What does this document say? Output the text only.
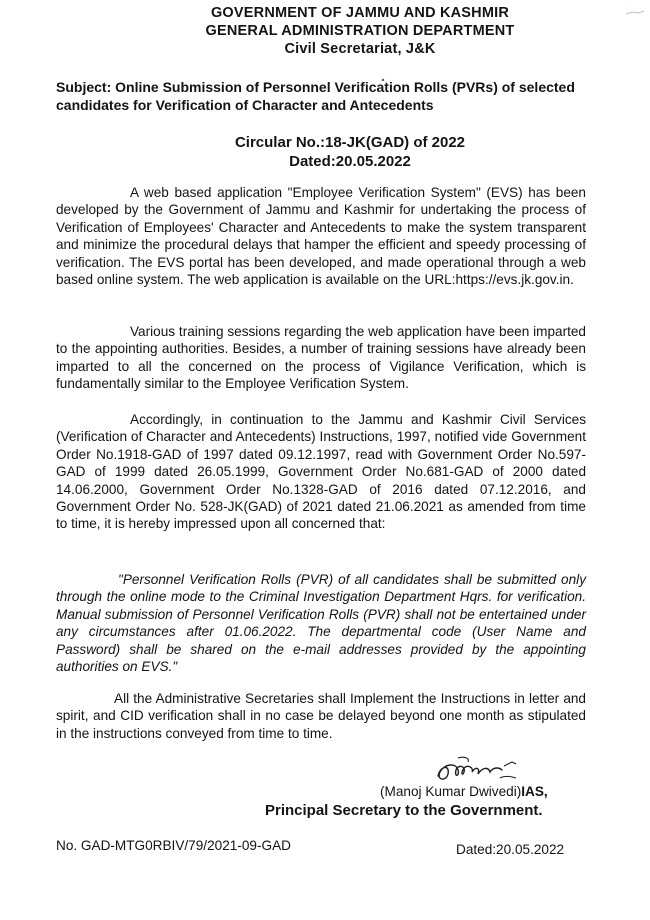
GOVERNMENT OF JAMMU AND KASHMIR
GENERAL ADMINISTRATION DEPARTMENT
Civil Secretariat, J&K
Subject: Online Submission of Personnel Verification Rolls (PVRs) of selected candidates for Verification of Character and Antecedents
Circular No.:18-JK(GAD) of 2022
Dated:20.05.2022
A web based application "Employee Verification System" (EVS) has been developed by the Government of Jammu and Kashmir for undertaking the process of Verification of Employees' Character and Antecedents to make the system transparent and minimize the procedural delays that hamper the efficient and speedy processing of verification. The EVS portal has been developed, and made operational through a web based online system. The web application is available on the URL:https://evs.jk.gov.in.
Various training sessions regarding the web application have been imparted to the appointing authorities. Besides, a number of training sessions have already been imparted to all the concerned on the process of Vigilance Verification, which is fundamentally similar to the Employee Verification System.
Accordingly, in continuation to the Jammu and Kashmir Civil Services (Verification of Character and Antecedents) Instructions, 1997, notified vide Government Order No.1918-GAD of 1997 dated 09.12.1997, read with Government Order No.597-GAD of 1999 dated 26.05.1999, Government Order No.681-GAD of 2000 dated 14.06.2000, Government Order No.1328-GAD of 2016 dated 07.12.2016, and Government Order No. 528-JK(GAD) of 2021 dated 21.06.2021 as amended from time to time, it is hereby impressed upon all concerned that:
"Personnel Verification Rolls (PVR) of all candidates shall be submitted only through the online mode to the Criminal Investigation Department Hqrs. for verification. Manual submission of Personnel Verification Rolls (PVR) shall not be entertained under any circumstances after 01.06.2022. The departmental code (User Name and Password) shall be shared on the e-mail addresses provided by the appointing authorities on EVS."
All the Administrative Secretaries shall Implement the Instructions in letter and spirit, and CID verification shall in no case be delayed beyond one month as stipulated in the instructions conveyed from time to time.
(Manoj Kumar Dwivedi)IAS,
Principal Secretary to the Government.
No. GAD-MTG0RBIV/79/2021-09-GAD	Dated:20.05.2022
